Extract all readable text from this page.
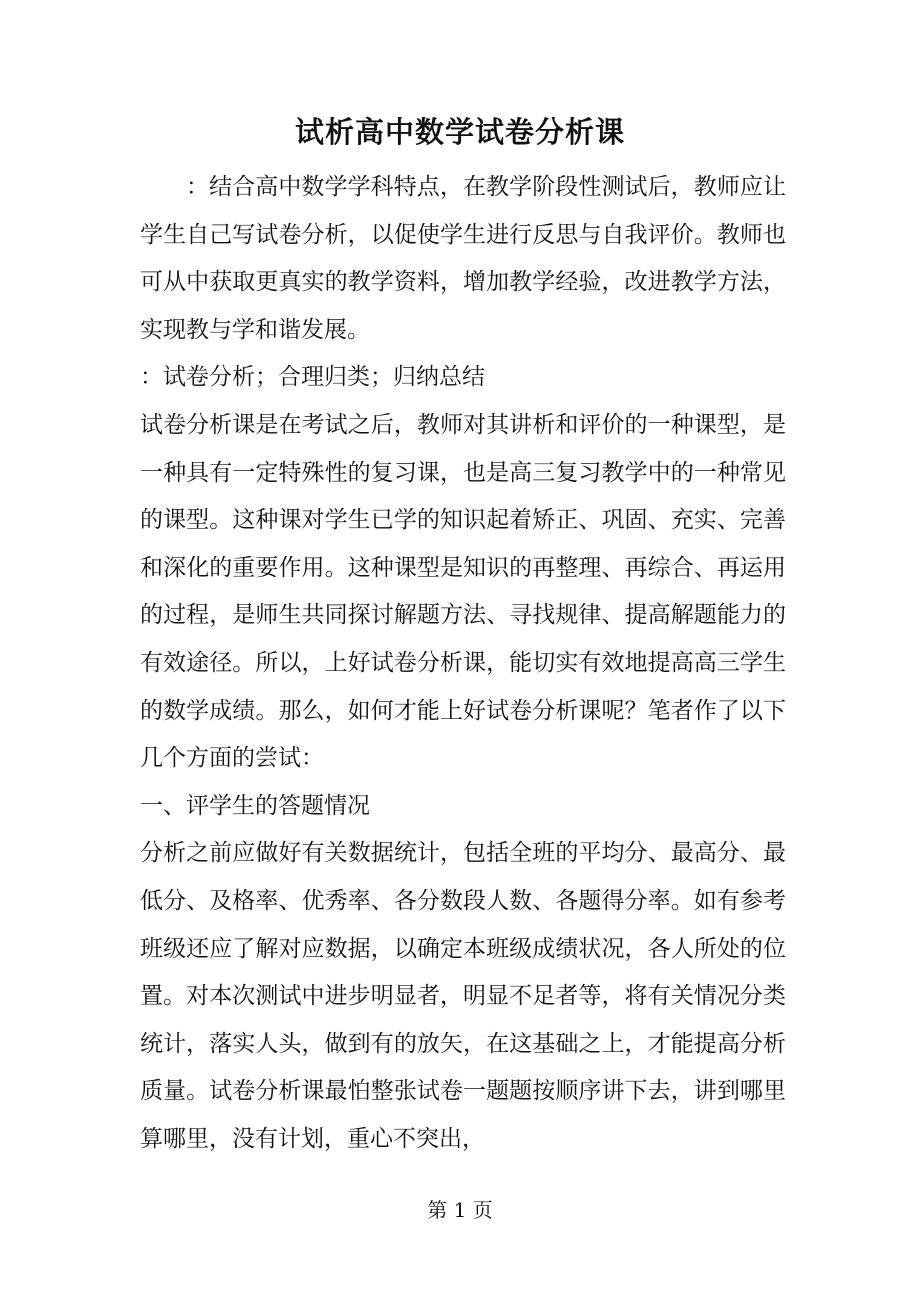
试析高中数学试卷分析课

：结合高中数学学科特点，在教学阶段性测试后，教师应让学生自己写试卷分析，以促使学生进行反思与自我评价。教师也可从中获取更真实的教学资料，增加教学经验，改进教学方法，实现教与学和谐发展。

：试卷分析；合理归类；归纳总结

试卷分析课是在考试之后，教师对其讲析和评价的一种课型，是一种具有一定特殊性的复习课，也是高三复习教学中的一种常见的课型。这种课对学生已学的知识起着矫正、巩固、充实、完善和深化的重要作用。这种课型是知识的再整理、再综合、再运用的过程，是师生共同探讨解题方法、寻找规律、提高解题能力的有效途径。所以，上好试卷分析课，能切实有效地提高高三学生的数学成绩。那么，如何才能上好试卷分析课呢？笔者作了以下几个方面的尝试：

一、评学生的答题情况

分析之前应做好有关数据统计，包括全班的平均分、最高分、最低分、及格率、优秀率、各分数段人数、各题得分率。如有参考班级还应了解对应数据，以确定本班级成绩状况，各人所处的位置。对本次测试中进步明显者，明显不足者等，将有关情况分类统计，落实人头，做到有的放矢，在这基础之上，才能提高分析质量。试卷分析课最怕整张试卷一题题按顺序讲下去，讲到哪里算哪里，没有计划，重心不突出，

第 1 页
